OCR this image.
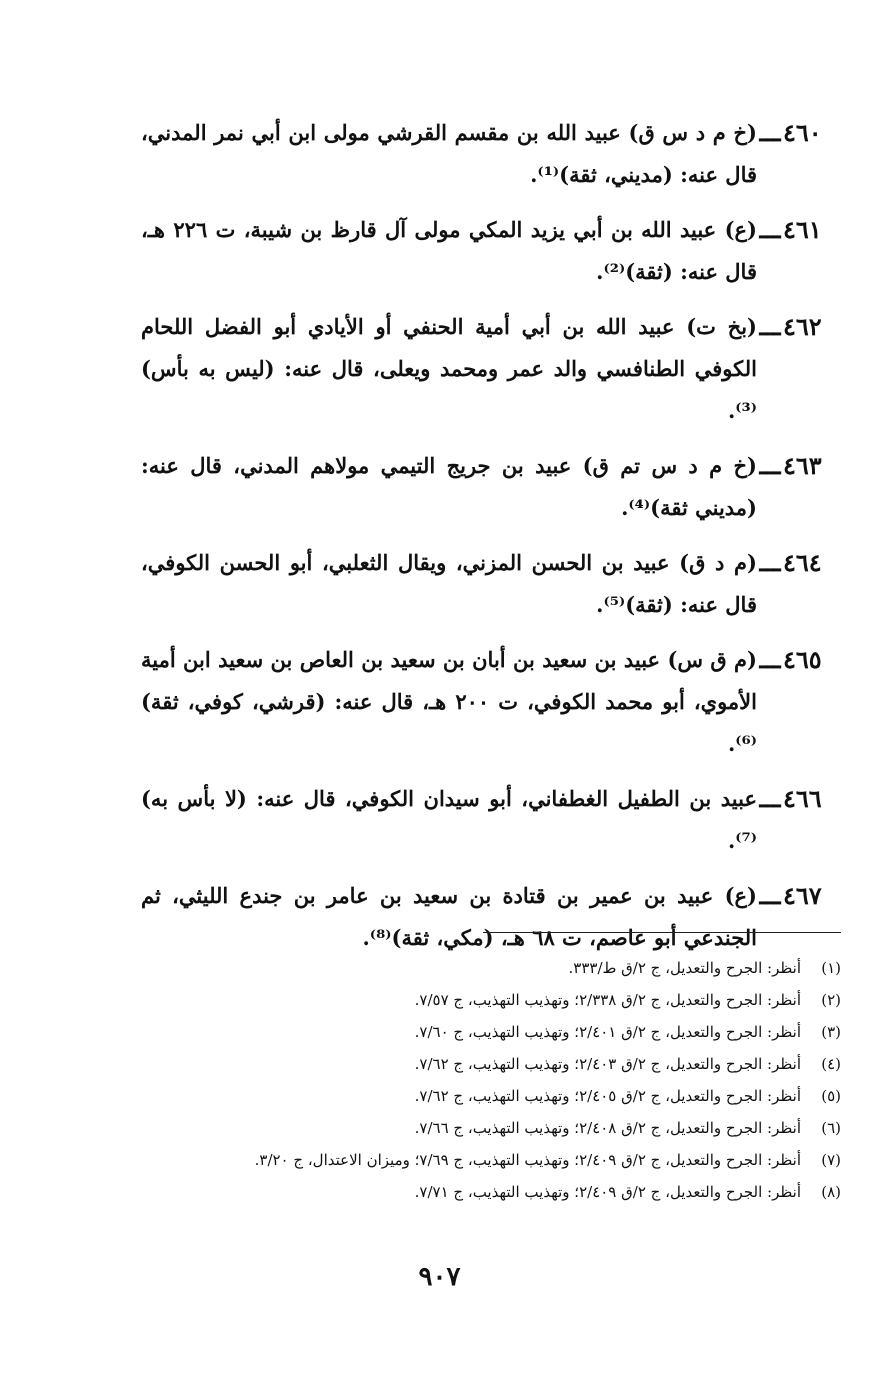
٤٦٠
ـــ
(خ م د س ق) عبيد الله بن مقسم القرشي مولى ابن أبي نمر المدني، قال عنه: (مديني، ثقة)⁽¹⁾.
٤٦١
ـــ
(ع) عبيد الله بن أبي يزيد المكي مولى آل قارظ بن شيبة، ت ٢٢٦ هـ، قال عنه: (ثقة)⁽²⁾.
٤٦٢
ـــ
(بخ ت) عبيد الله بن أبي أمية الحنفي أو الأيادي أبو الفضل اللحام الكوفي الطنافسي والد عمر ومحمد ويعلى، قال عنه: (ليس به بأس)⁽³⁾.
٤٦٣
ـــ
(خ م د س تم ق) عبيد بن جريج التيمي مولاهم المدني، قال عنه: (مديني ثقة)⁽⁴⁾.
٤٦٤
ـــ
(م د ق) عبيد بن الحسن المزني، ويقال الثعلبي، أبو الحسن الكوفي، قال عنه: (ثقة)⁽⁵⁾.
٤٦٥
ـــ
(م ق س) عبيد بن سعيد بن أبان بن سعيد بن العاص بن سعيد ابن أمية الأموي، أبو محمد الكوفي، ت ٢٠٠ هـ، قال عنه: (قرشي، كوفي، ثقة)⁽⁶⁾.
٤٦٦
ـــ
عبيد بن الطفيل الغطفاني، أبو سيدان الكوفي، قال عنه: (لا بأس به)⁽⁷⁾.
٤٦٧
ـــ
(ع) عبيد بن عمير بن قتادة بن سعيد بن عامر بن جندع الليثي، ثم الجندعي أبو عاصم، ت ٦٨ هـ، (مكي، ثقة)⁽⁸⁾.
(١)
أنظر: الجرح والتعديل، ج ٢/ق ط/٣٣٣.
(٢)
أنظر: الجرح والتعديل، ج ٢/ق ٢/٣٣٨؛ وتهذيب التهذيب، ج ٧/٥٧.
(٣)
أنظر: الجرح والتعديل، ج ٢/ق ٢/٤٠١؛ وتهذيب التهذيب، ج ٧/٦٠.
(٤)
أنظر: الجرح والتعديل، ج ٢/ق ٢/٤٠٣؛ وتهذيب التهذيب، ج ٧/٦٢.
(٥)
أنظر: الجرح والتعديل، ج ٢/ق ٢/٤٠٥؛ وتهذيب التهذيب، ج ٧/٦٢.
(٦)
أنظر: الجرح والتعديل، ج ٢/ق ٢/٤٠٨؛ وتهذيب التهذيب، ج ٧/٦٦.
(٧)
أنظر: الجرح والتعديل، ج ٢/ق ٢/٤٠٩؛ وتهذيب التهذيب، ج ٧/٦٩؛ وميزان الاعتدال، ج ٣/٢٠.
(٨)
أنظر: الجرح والتعديل، ج ٢/ق ٢/٤٠٩؛ وتهذيب التهذيب، ج ٧/٧١.
٩٠٧
